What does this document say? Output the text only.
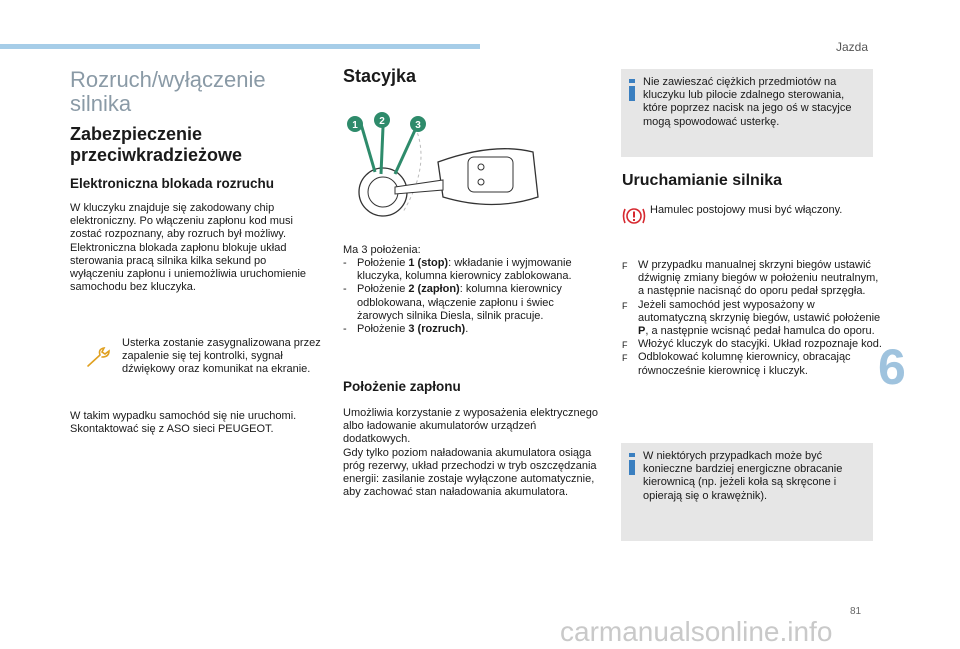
Jazda
Rozruch/wyłączenie silnika
Zabezpieczenie przeciwkradzieżowe
Elektroniczna blokada rozruchu
W kluczyku znajduje się zakodowany chip elektroniczny. Po włączeniu zapłonu kod musi zostać rozpoznany, aby rozruch był możliwy. Elektroniczna blokada zapłonu blokuje układ sterowania pracą silnika kilka sekund po wyłączeniu zapłonu i uniemożliwia uruchomienie samochodu bez kluczyka.
Usterka zostanie zasygnalizowana przez zapalenie się tej kontrolki, sygnał dźwiękowy oraz komunikat na ekranie.
W takim wypadku samochód się nie uruchomi. Skontaktować się z ASO sieci PEUGEOT.
Stacyjka
1 2	3
Ma 3 położenia:
- Położenie 1 (stop): wkładanie i wyjmowanie kluczyka, kolumna kierownicy zablokowana.
- Położenie 2 (zapłon): kolumna kierownicy odblokowana, włączenie zapłonu i świec żarowych silnika Diesla, silnik pracuje.
- Położenie 3 (rozruch).
Położenie zapłonu
Umożliwia korzystanie z wyposażenia elektrycznego albo ładowanie akumulatorów urządzeń dodatkowych.
Gdy tylko poziom naładowania akumulatora osiąga próg rezerwy, układ przechodzi w tryb oszczędzania energii: zasilanie zostaje wyłączone automatycznie, aby zachować stan naładowania akumulatora.
Nie zawieszać ciężkich przedmiotów na kluczyku lub pilocie zdalnego sterowania, które poprzez nacisk na jego oś w stacyjce mogą spowodować usterkę.
Uruchamianie silnika
Hamulec postojowy musi być włączony.
F W przypadku manualnej skrzyni biegów ustawić dźwignię zmiany biegów w położeniu neutralnym, a następnie nacisnąć do oporu pedał sprzęgła.
F Jeżeli samochód jest wyposażony w automatyczną skrzynię biegów, ustawić położenie P, a następnie wcisnąć pedał hamulca do oporu.
F Włożyć kluczyk do stacyjki. Układ rozpoznaje kod.
F Odblokować kolumnę kierownicy, obracając równocześnie kierownicę i kluczyk.
W niektórych przypadkach może być konieczne bardziej energiczne obracanie kierownicą (np. jeżeli koła są skręcone i opierają się o krawężnik).
6
81
carmanualsonline.info
